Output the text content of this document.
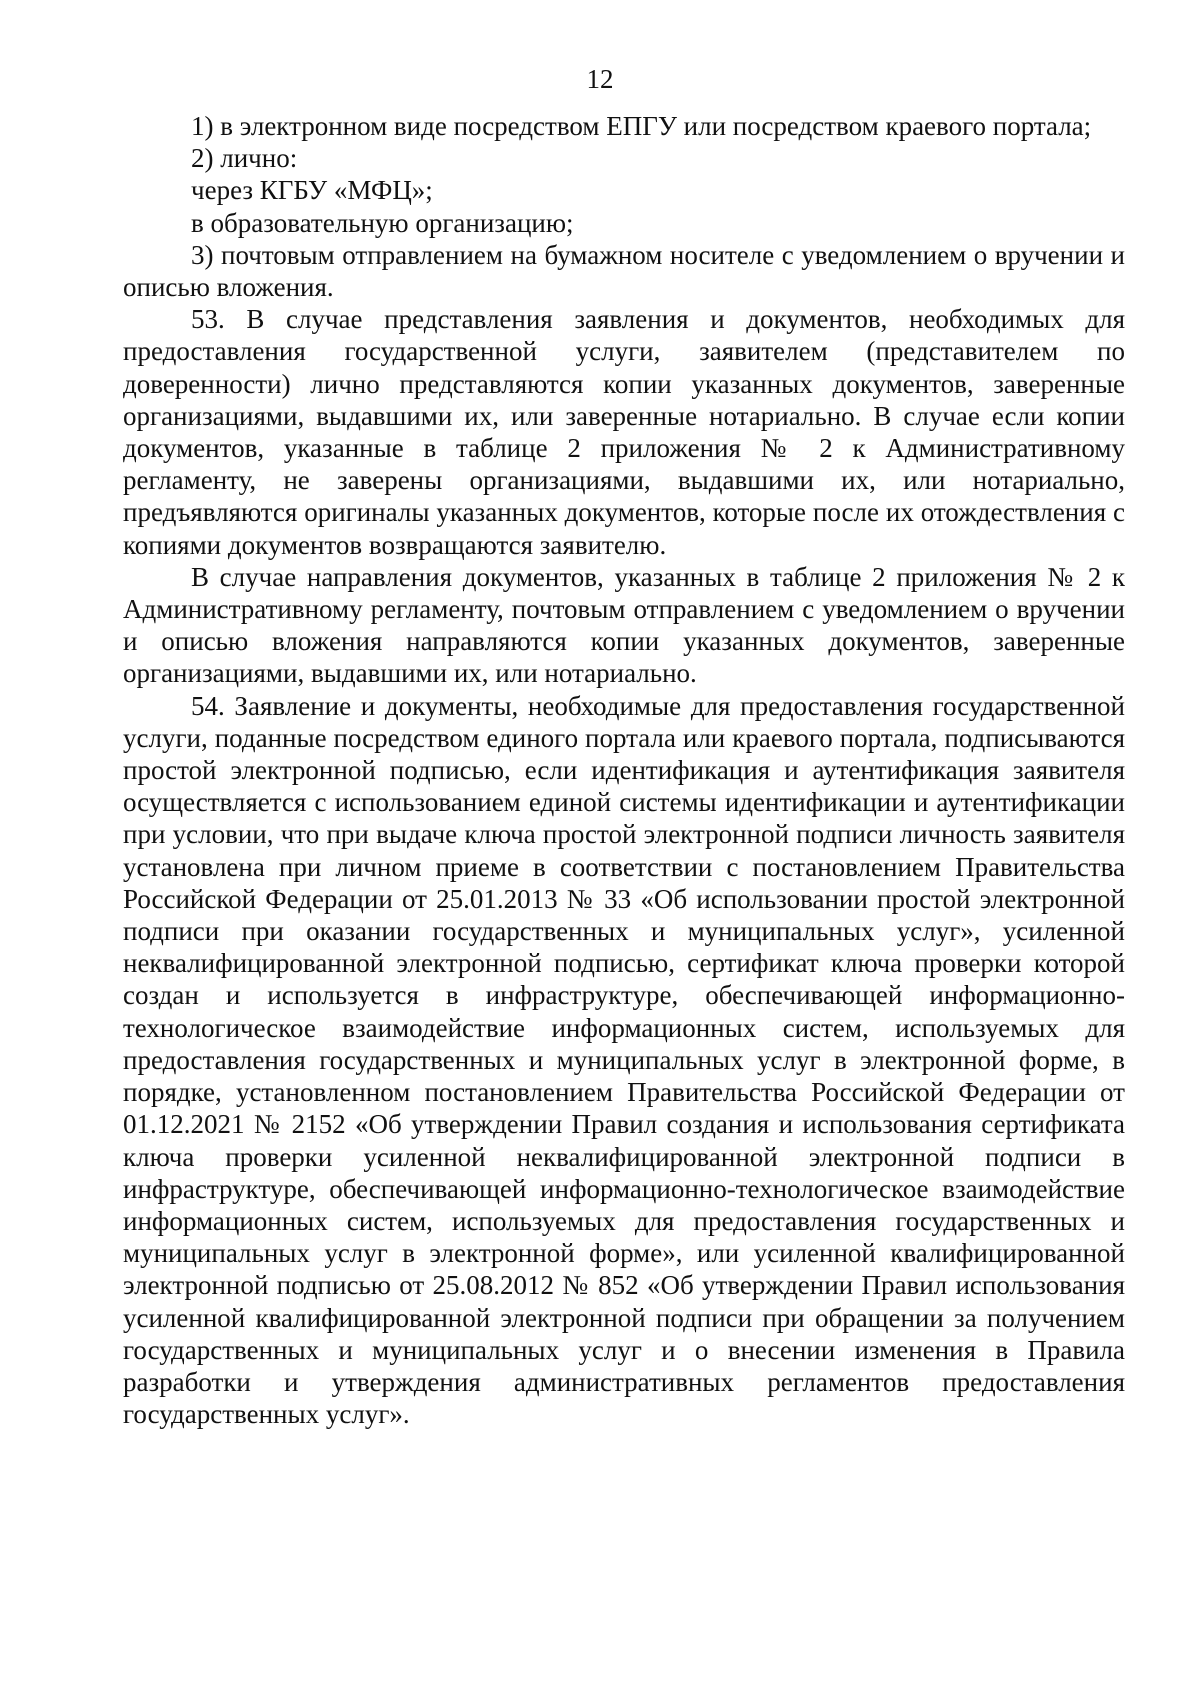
12

1) в электронном виде посредством ЕПГУ или посредством краевого портала;

2) лично:

через КГБУ «МФЦ»;

в образовательную организацию;

3) почтовым отправлением на бумажном носителе с уведомлением о вручении и описью вложения.

53. В случае представления заявления и документов, необходимых для предоставления государственной услуги, заявителем (представителем по доверенности) лично представляются копии указанных документов, заверенные организациями, выдавшими их, или заверенные нотариально. В случае если копии документов, указанные в таблице 2 приложения № 2 к Административному регламенту, не заверены организациями, выдавшими их, или нотариально, предъявляются оригиналы указанных документов, которые после их отождествления с копиями документов возвращаются заявителю.

В случае направления документов, указанных в таблице 2 приложения № 2 к Административному регламенту, почтовым отправлением с уведомлением о вручении и описью вложения направляются копии указанных документов, заверенные организациями, выдавшими их, или нотариально.

54. Заявление и документы, необходимые для предоставления государственной услуги, поданные посредством единого портала или краевого портала, подписываются простой электронной подписью, если идентификация и аутентификация заявителя осуществляется с использованием единой системы идентификации и аутентификации при условии, что при выдаче ключа простой электронной подписи личность заявителя установлена при личном приеме в соответствии с постановлением Правительства Российской Федерации от 25.01.2013 № 33 «Об использовании простой электронной подписи при оказании государственных и муниципальных услуг», усиленной неквалифицированной электронной подписью, сертификат ключа проверки которой создан и используется в инфраструктуре, обеспечивающей информационно-технологическое взаимодействие информационных систем, используемых для предоставления государственных и муниципальных услуг в электронной форме, в порядке, установленном постановлением Правительства Российской Федерации от 01.12.2021 № 2152 «Об утверждении Правил создания и использования сертификата ключа проверки усиленной неквалифицированной электронной подписи в инфраструктуре, обеспечивающей информационно-технологическое взаимодействие информационных систем, используемых для предоставления государственных и муниципальных услуг в электронной форме», или усиленной квалифицированной электронной подписью от 25.08.2012 № 852 «Об утверждении Правил использования усиленной квалифицированной электронной подписи при обращении за получением государственных и муниципальных услуг и о внесении изменения в Правила разработки и утверждения административных регламентов предоставления государственных услуг».
